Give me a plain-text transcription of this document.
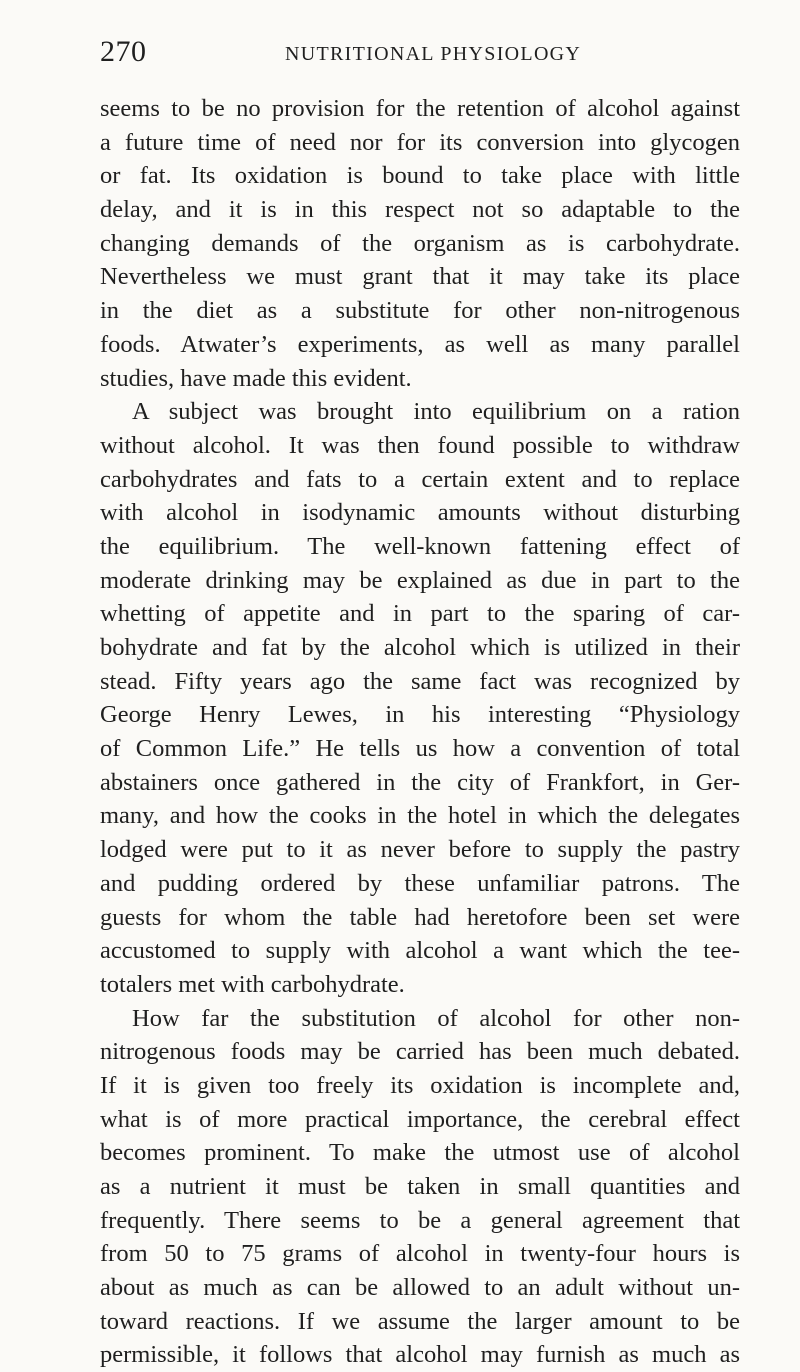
270	NUTRITIONAL PHYSIOLOGY
seems to be no provision for the retention of alcohol against
a future time of need nor for its conversion into glycogen
or fat. Its oxidation is bound to take place with little
delay, and it is in this respect not so adaptable to the
changing demands of the organism as is carbohydrate.
Nevertheless we must grant that it may take its place
in the diet as a substitute for other non-nitrogenous
foods. Atwater’s experiments, as well as many parallel
studies, have made this evident.
A subject was brought into equilibrium on a ration
without alcohol. It was then found possible to withdraw
carbohydrates and fats to a certain extent and to replace
with alcohol in isodynamic amounts without disturbing
the equilibrium. The well-known fattening effect of
moderate drinking may be explained as due in part to the
whetting of appetite and in part to the sparing of car-
bohydrate and fat by the alcohol which is utilized in their
stead. Fifty years ago the same fact was recognized by
George Henry Lewes, in his interesting “Physiology
of Common Life.” He tells us how a convention of total
abstainers once gathered in the city of Frankfort, in Ger-
many, and how the cooks in the hotel in which the delegates
lodged were put to it as never before to supply the pastry
and pudding ordered by these unfamiliar patrons. The
guests for whom the table had heretofore been set were
accustomed to supply with alcohol a want which the tee-
totalers met with carbohydrate.
How far the substitution of alcohol for other non-
nitrogenous foods may be carried has been much debated.
If it is given too freely its oxidation is incomplete and,
what is of more practical importance, the cerebral effect
becomes prominent. To make the utmost use of alcohol
as a nutrient it must be taken in small quantities and
frequently. There seems to be a general agreement that
from 50 to 75 grams of alcohol in twenty-four hours is
about as much as can be allowed to an adult without un-
toward reactions. If we assume the larger amount to be
permissible, it follows that alcohol may furnish as much as
